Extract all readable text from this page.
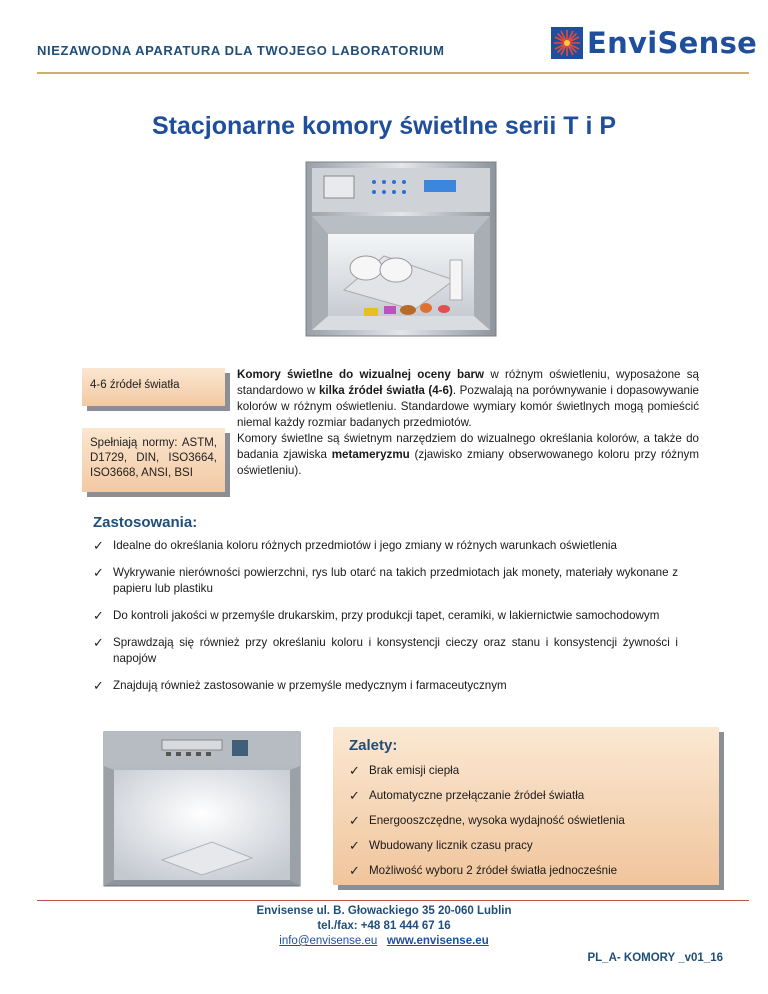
NIEZAWODNA APARATURA DLA TWOJEGO LABORATORIUM	EnviSense
Stacjonarne komory świetlne serii T i P
4-6 źródeł światła
Spełniają normy: ASTM, D1729, DIN, ISO3664, ISO3668, ANSI, BSI
Komory świetlne do wizualnej oceny barw w różnym oświetleniu, wyposażone są standardowo w kilka źródeł światła (4-6). Pozwalają na porównywanie i dopasowywanie kolorów w różnym oświetleniu. Standardowe wymiary komór świetlnych mogą pomieścić niemal każdy rozmiar badanych przedmiotów.
Komory świetlne są świetnym narzędziem do wizualnego określania kolorów, a także do badania zjawiska metameryzmu (zjawisko zmiany obserwowanego koloru przy różnym oświetleniu).
Zastosowania:
✓ Idealne do określania koloru różnych przedmiotów i jego zmiany w różnych warunkach oświetlenia
✓ Wykrywanie nierówności powierzchni, rys lub otarć na takich przedmiotach jak monety, materiały wykonane z papieru lub plastiku
✓ Do kontroli jakości w przemyśle drukarskim, przy produkcji tapet, ceramiki, w lakiernictwie samochodowym
✓ Sprawdzają się również przy określaniu koloru i konsystencji cieczy oraz stanu i konsystencji żywności i napojów
✓ Znajdują również zastosowanie w przemyśle medycznym i farmaceutycznym
Zalety:
✓ Brak emisji ciepła
✓ Automatyczne przełączanie źródeł światła
✓ Energooszczędne, wysoka wydajność oświetlenia
✓ Wbudowany licznik czasu pracy
✓ Możliwość wyboru 2 źródeł światła jednocześnie
Envisense ul. B. Głowackiego 35 20-060 Lublin
tel./fax: +48 81 444 67 16
info@envisense.eu www.envisense.eu
PL_A- KOMORY _v01_16
